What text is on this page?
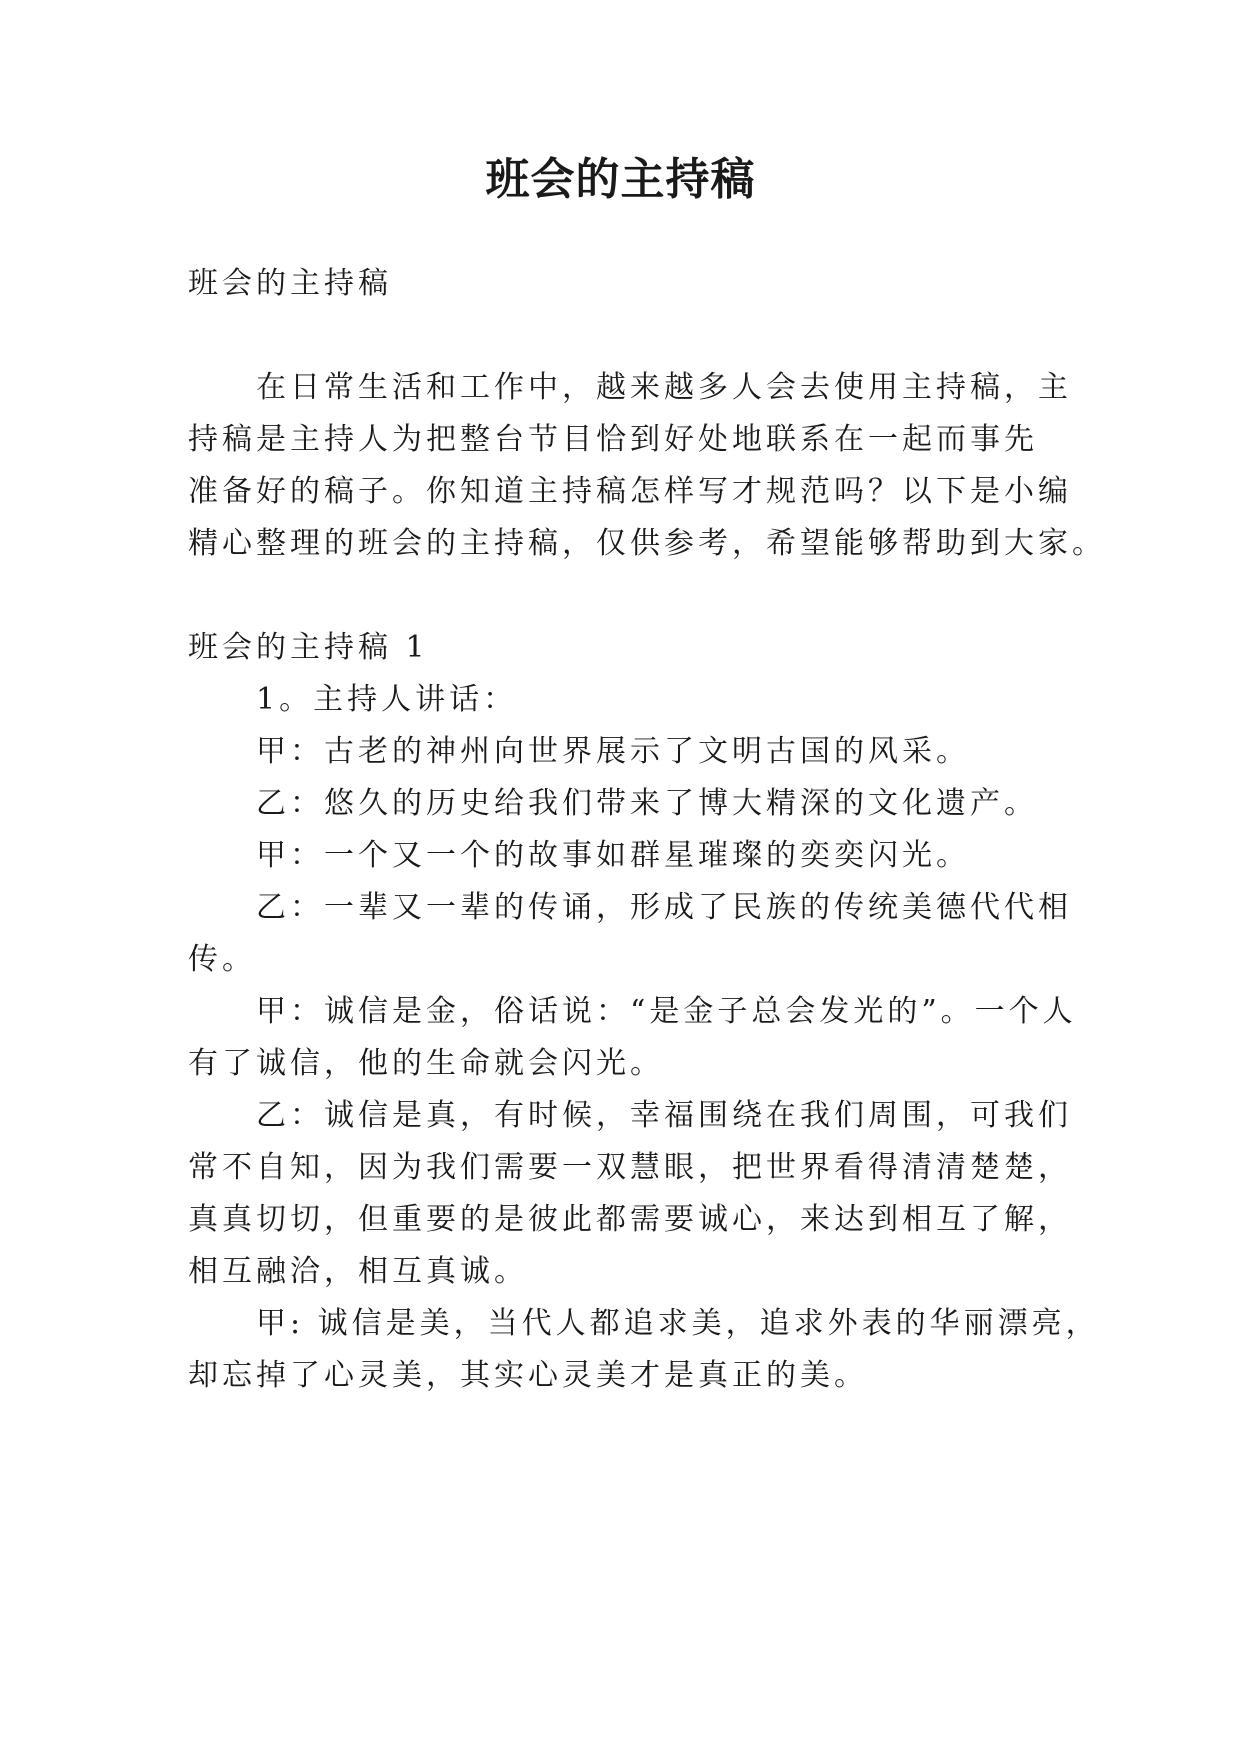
班会的主持稿
班会的主持稿
在日常生活和工作中，越来越多人会去使用主持稿，主
持稿是主持人为把整台节目恰到好处地联系在一起而事先
准备好的稿子。你知道主持稿怎样写才规范吗？以下是小编
精心整理的班会的主持稿，仅供参考，希望能够帮助到大家。
班会的主持稿 1
1。主持人讲话：
甲：古老的神州向世界展示了文明古国的风采。
乙：悠久的历史给我们带来了博大精深的文化遗产。
甲：一个又一个的故事如群星璀璨的奕奕闪光。
乙：一辈又一辈的传诵，形成了民族的传统美德代代相
传。
甲：诚信是金，俗话说：“是金子总会发光的”。一个人
有了诚信，他的生命就会闪光。
乙：诚信是真，有时候，幸福围绕在我们周围，可我们
常不自知，因为我们需要一双慧眼，把世界看得清清楚楚，
真真切切，但重要的是彼此都需要诚心，来达到相互了解，
相互融洽，相互真诚。
甲: 诚信是美，当代人都追求美，追求外表的华丽漂亮，
却忘掉了心灵美，其实心灵美才是真正的美。
